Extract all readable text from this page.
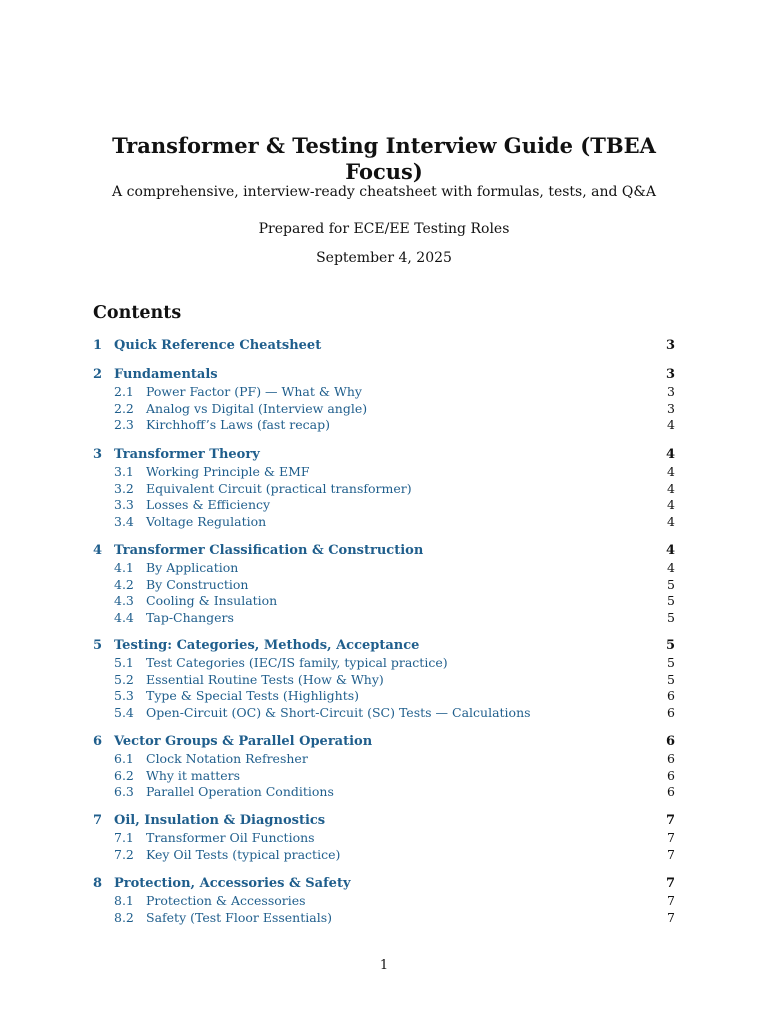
Transformer & Testing Interview Guide (TBEA Focus)
A comprehensive, interview-ready cheatsheet with formulas, tests, and Q&A
Prepared for ECE/EE Testing Roles
September 4, 2025
Contents
1 Quick Reference Cheatsheet	3
2 Fundamentals	3
2.1 Power Factor (PF) — What & Why	3
2.2 Analog vs Digital (Interview angle)	3
2.3 Kirchhoff’s Laws (fast recap)	4
3 Transformer Theory	4
3.1 Working Principle & EMF	4
3.2 Equivalent Circuit (practical transformer)	4
3.3 Losses & Efficiency	4
3.4 Voltage Regulation	4
4 Transformer Classification & Construction	4
4.1 By Application	4
4.2 By Construction	5
4.3 Cooling & Insulation	5
4.4 Tap-Changers	5
5 Testing: Categories, Methods, Acceptance	5
5.1 Test Categories (IEC/IS family, typical practice)	5
5.2 Essential Routine Tests (How & Why)	5
5.3 Type & Special Tests (Highlights)	6
5.4 Open-Circuit (OC) & Short-Circuit (SC) Tests — Calculations	6
6 Vector Groups & Parallel Operation	6
6.1 Clock Notation Refresher	6
6.2 Why it matters	6
6.3 Parallel Operation Conditions	6
7 Oil, Insulation & Diagnostics	7
7.1 Transformer Oil Functions	7
7.2 Key Oil Tests (typical practice)	7
8 Protection, Accessories & Safety	7
8.1 Protection & Accessories	7
8.2 Safety (Test Floor Essentials)	7
1
